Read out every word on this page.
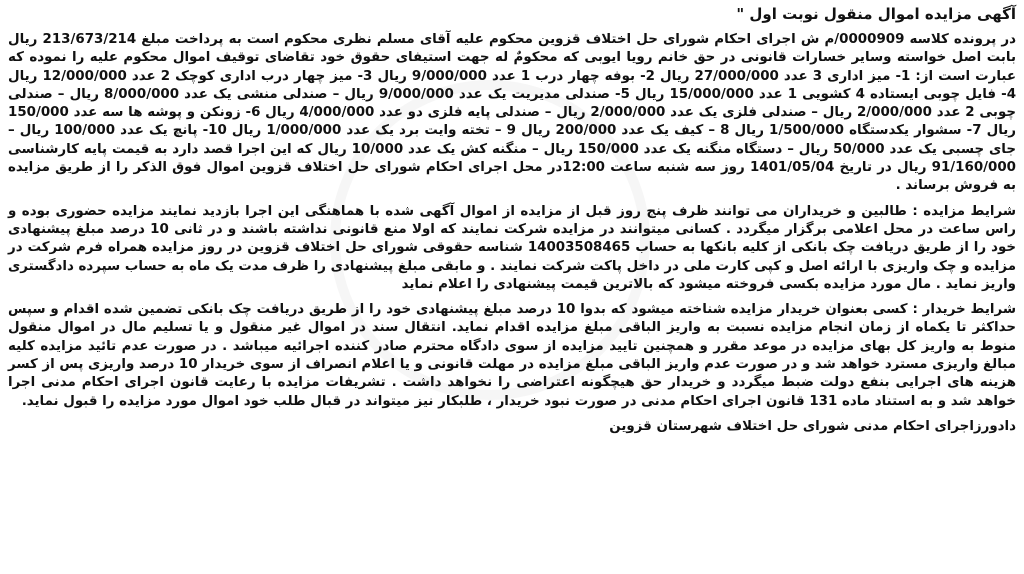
آگهی مزایده اموال منقول نوبت اول "

در پرونده کلاسه 0000909/م ش اجرای احکام شورای حل اختلاف قزوین محکوم علیه آقای مسلم نظری محکوم است به پرداخت مبلغ 213/673/214 ریال بابت اصل خواسته وسایر خسارات قانونی در حق خانم رویا ایوبی که محکومٌ له جهت استیفای حقوق خود تقاضای توقیف اموال محکوم علیه را نموده که عبارت است از: 1- میز اداری 3 عدد 27/000/000 ریال 2- بوفه چهار درب 1 عدد 9/000/000 ریال 3- میز چهار درب اداری کوچک 2 عدد 12/000/000 ریال 4- فایل چوبی ایستاده 4 کشویی 1 عدد 15/000/000 ریال 5- صندلی مدیریت یک عدد 9/000/000 ریال – صندلی منشی یک عدد 8/000/000 ریال – صندلی چوبی 2 عدد 2/000/000 ریال – صندلی فلزی یک عدد 2/000/000 ریال – صندلی پایه فلزی دو عدد 4/000/000 ریال 6- زونکن و پوشه ها سه عدد 150/000 ریال 7- سشوار یکدستگاه 1/500/000 ریال 8 – کیف یک عدد 200/000 ریال 9 – تخته وایت برد یک عدد 1/000/000 ریال 10- پانچ یک عدد 100/000 ریال – جای چسبی یک عدد 50/000 ریال – دستگاه منگنه یک عدد 150/000 ریال – منگنه کش یک عدد 10/000 ریال که این اجرا قصد دارد به قیمت پایه کارشناسی 91/160/000 ریال در تاریخ 1401/05/04 روز سه شنبه ساعت 12:00در محل اجرای احکام شورای حل اختلاف قزوین اموال فوق الذکر را از طریق مزایده به فروش برساند .

شرایط مزایده : طالبین و خریداران می توانند ظرف پنج روز قبل از مزایده از اموال آگهی شده با هماهنگی این اجرا بازدید نمایند مزایده حضوری بوده و راس ساعت در محل اعلامی برگزار میگردد . کسانی میتوانند در مزایده شرکت نمایند که اولا منع قانونی نداشته باشند و در ثانی 10 درصد مبلغ پیشنهادی خود را از طریق دریافت چک بانکی از کلیه بانکها به حساب 14003508465 شناسه حقوقی شورای حل اختلاف قزوین در روز مزایده همراه فرم شرکت در مزایده و چک واریزی با ارائه اصل و کپی کارت ملی در داخل پاکت شرکت نمایند . و مابقی مبلغ پیشنهادی را ظرف مدت یک ماه به حساب سپرده دادگستری واریز نماید . مال مورد مزایده بکسی فروخته میشود که بالاترین قیمت پیشنهادی را اعلام نماید

شرایط خریدار : کسی بعنوان خریدار مزایده شناخته میشود که بدوا 10 درصد مبلغ پیشنهادی خود را از طریق دریافت چک بانکی تضمین شده اقدام و سپس حداکثر تا یکماه از زمان انجام مزایده نسبت به واریز الباقی مبلغ مزایده اقدام نماید. انتقال سند در اموال غیر منقول و یا تسلیم مال در اموال منقول منوط به واریز کل بهای مزایده در موعد مقرر و همچنین تایید مزایده از سوی دادگاه محترم صادر کننده اجرائیه میباشد . در صورت عدم تائید مزایده کلیه مبالغ واریزی مسترد خواهد شد و در صورت عدم واریز الباقی مبلغ مزایده در مهلت قانونی و یا اعلام انصراف از سوی خریدار 10 درصد واریزی پس از کسر هزینه های اجرایی بنفع دولت ضبط میگردد و خریدار حق هیچگونه اعتراضی را نخواهد داشت . تشریفات مزایده با رعایت قانون اجرای احکام مدنی اجرا خواهد شد و به استناد ماده 131 قانون اجرای احکام مدنی در صورت نبود خریدار ، طلبکار نیز میتواند در قبال طلب خود اموال مورد مزایده را قبول نماید.

دادورزاجرای احکام مدنی شورای حل اختلاف شهرستان قزوین
